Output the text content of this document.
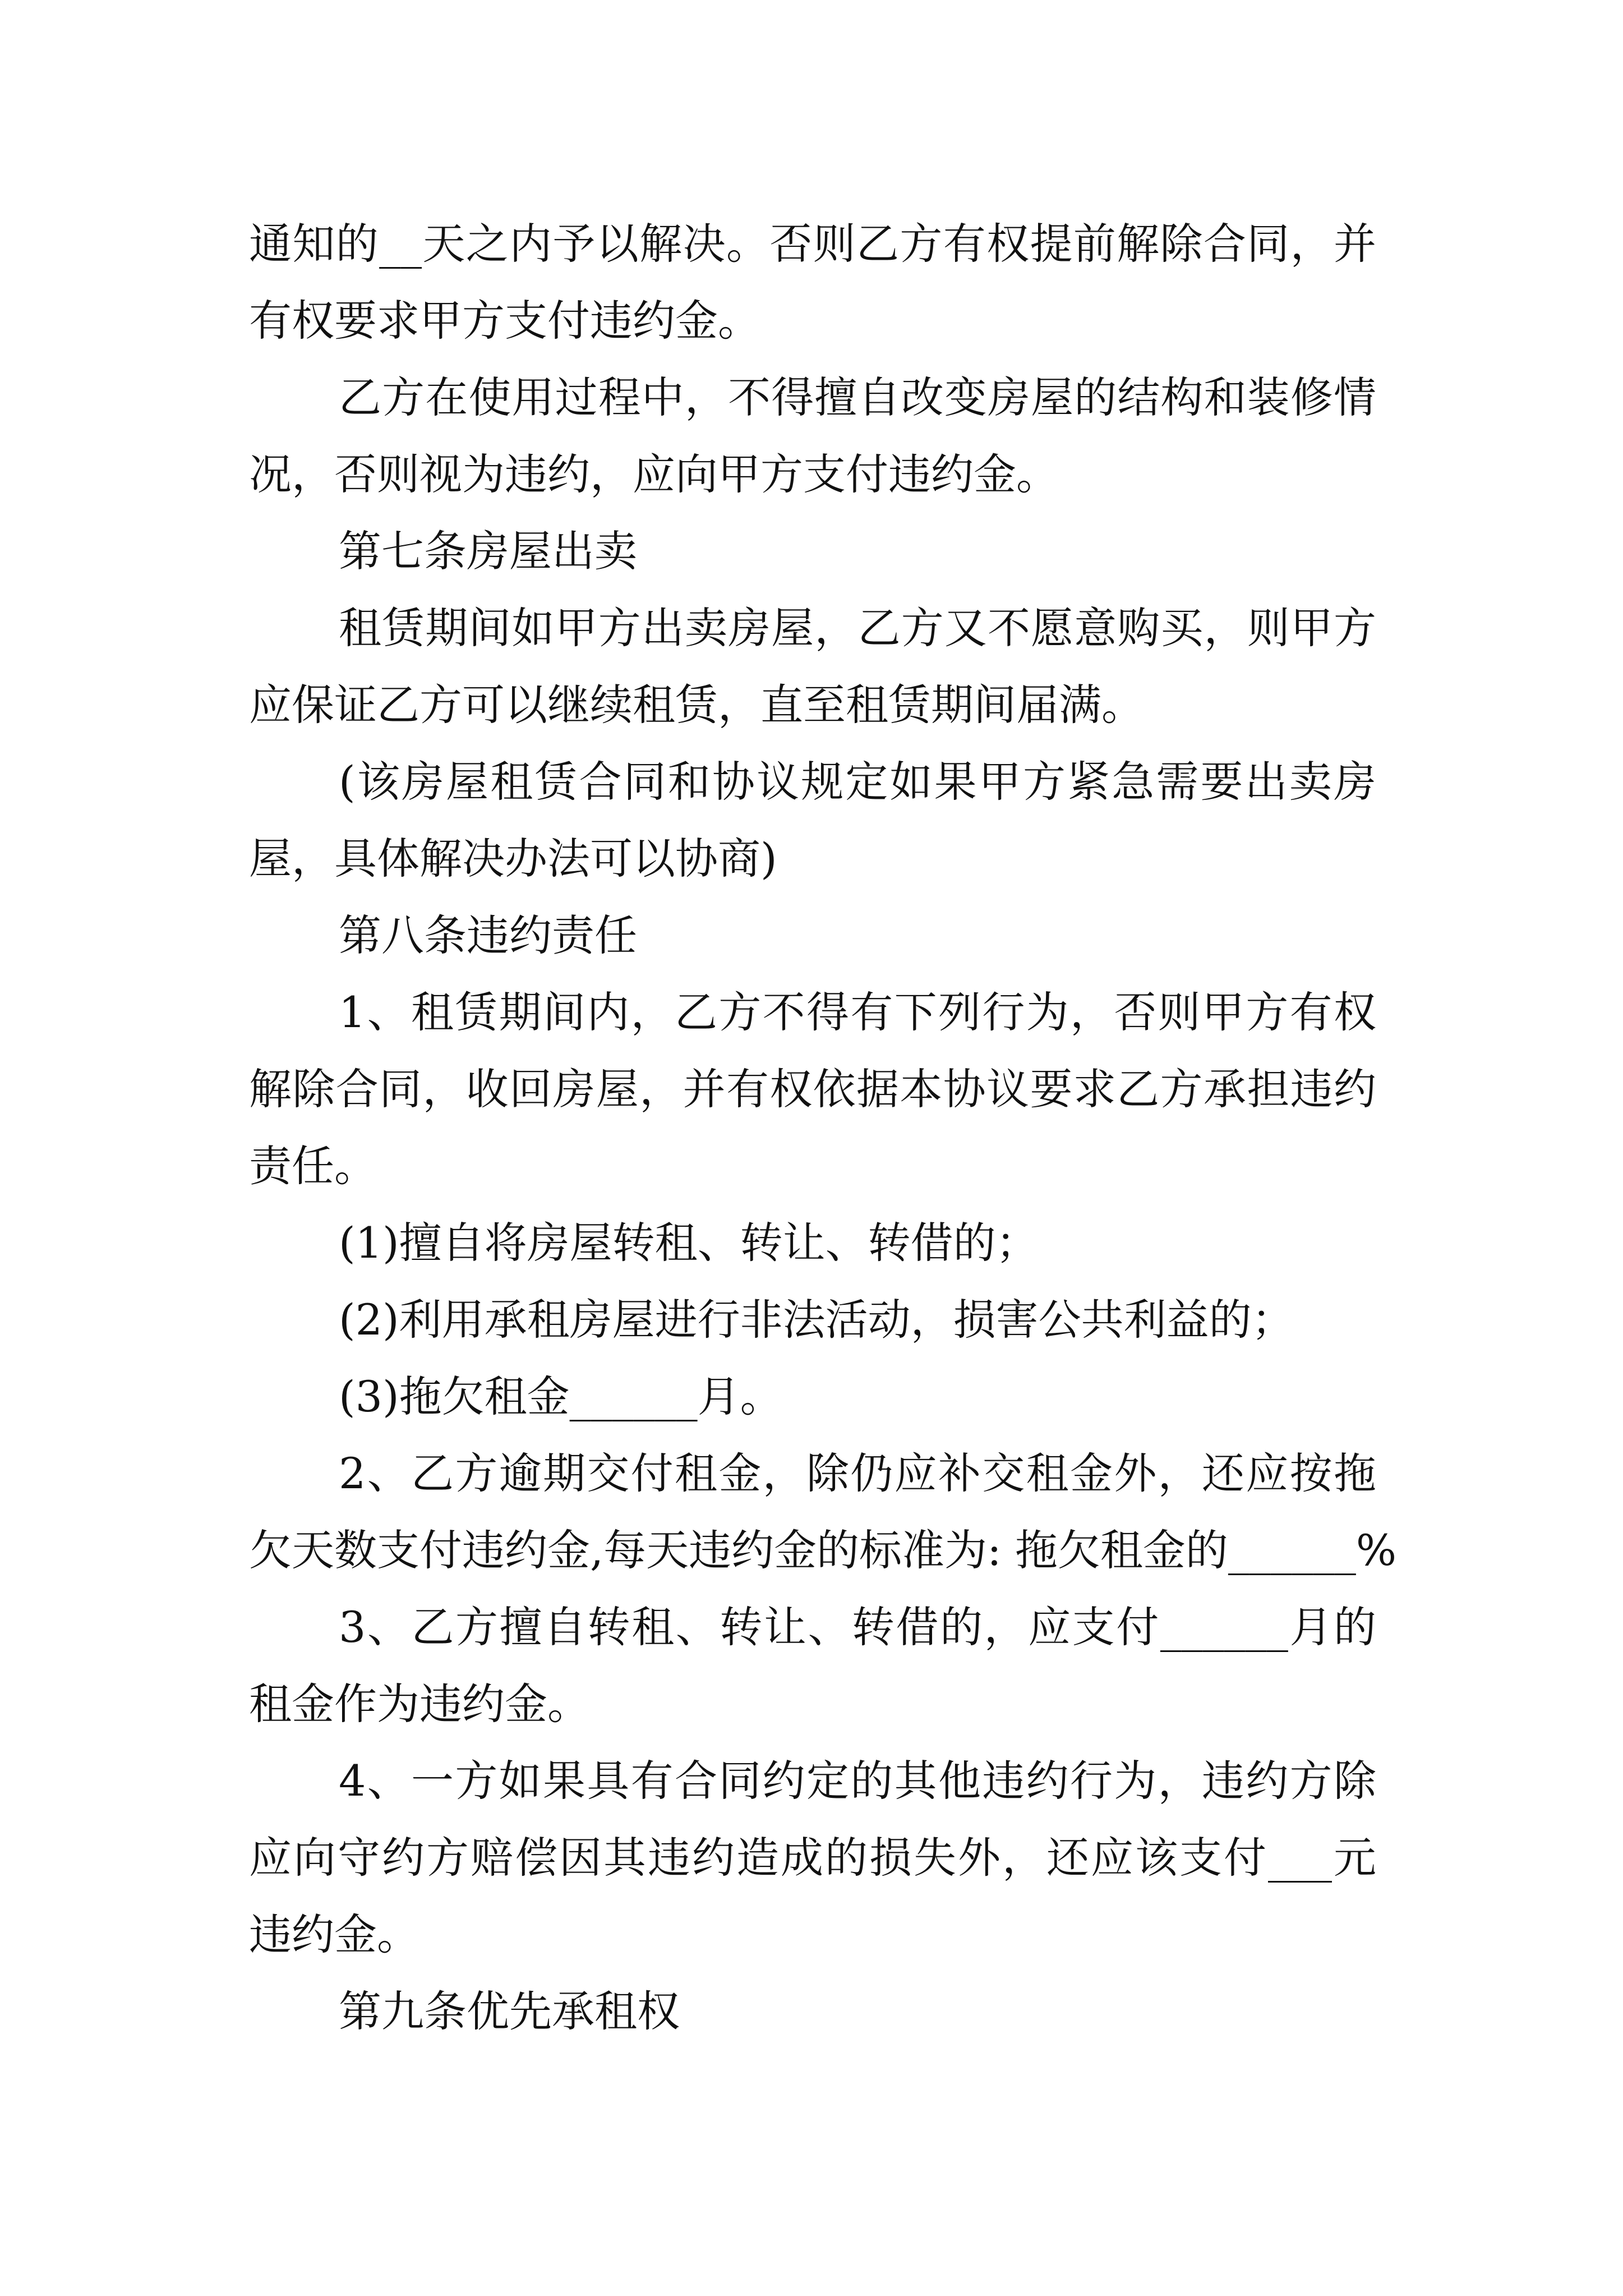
通知的__天之内予以解决。否则乙方有权提前解除合同，并

有权要求甲方支付违约金。

乙方在使用过程中，不得擅自改变房屋的结构和装修情

况，否则视为违约，应向甲方支付违约金。

第七条房屋出卖

租赁期间如甲方出卖房屋，乙方又不愿意购买，则甲方

应保证乙方可以继续租赁，直至租赁期间届满。

(该房屋租赁合同和协议规定如果甲方紧急需要出卖房

屋，具体解决办法可以协商)

第八条违约责任

1、租赁期间内，乙方不得有下列行为，否则甲方有权

解除合同，收回房屋，并有权依据本协议要求乙方承担违约

责任。

(1)擅自将房屋转租、转让、转借的；

(2)利用承租房屋进行非法活动，损害公共利益的；

(3)拖欠租金______月。

2、乙方逾期交付租金，除仍应补交租金外，还应按拖

欠天数支付违约金,每天违约金的标准为: 拖欠租金的______%

3、乙方擅自转租、转让、转借的，应支付______月的

租金作为违约金。

4、一方如果具有合同约定的其他违约行为，违约方除

应向守约方赔偿因其违约造成的损失外，还应该支付___元

违约金。

第九条优先承租权
